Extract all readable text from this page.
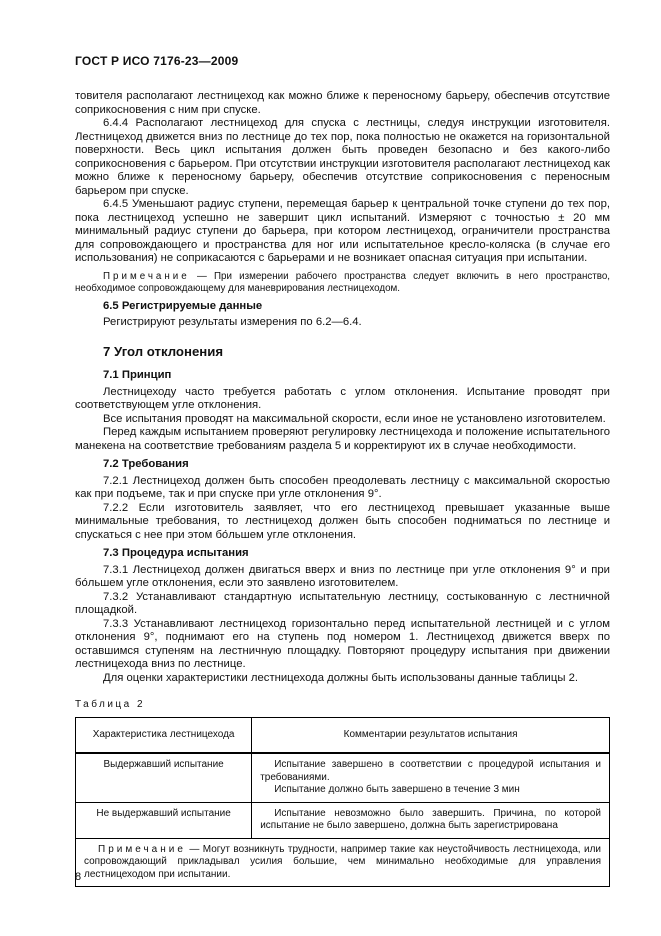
ГОСТ Р ИСО 7176-23—2009

товителя располагают лестницеход как можно ближе к переносному барьеру, обеспечив отсутствие соприкосновения с ним при спуске.

6.4.4 Располагают лестницеход для спуска с лестницы, следуя инструкции изготовителя. Лестницеход движется вниз по лестнице до тех пор, пока полностью не окажется на горизонтальной поверхности. Весь цикл испытания должен быть проведен безопасно и без какого-либо соприкосновения с барьером. При отсутствии инструкции изготовителя располагают лестницеход как можно ближе к переносному барьеру, обеспечив отсутствие соприкосновения с переносным барьером при спуске.

6.4.5 Уменьшают радиус ступени, перемещая барьер к центральной точке ступени до тех пор, пока лестницеход успешно не завершит цикл испытаний. Измеряют с точностью ± 20 мм минимальный радиус ступени до барьера, при котором лестницеход, ограничители пространства для сопровождающего и пространства для ног или испытательное кресло-коляска (в случае его использования) не соприкасаются с барьерами и не возникает опасная ситуация при испытании.

Примечание — При измерении рабочего пространства следует включить в него пространство, необходимое сопровождающему для маневрирования лестницеходом.

6.5 Регистрируемые данные

Регистрируют результаты измерения по 6.2—6.4.

7 Угол отклонения

7.1 Принцип

Лестницеходу часто требуется работать с углом отклонения. Испытание проводят при соответствующем угле отклонения.

Все испытания проводят на максимальной скорости, если иное не установлено изготовителем.

Перед каждым испытанием проверяют регулировку лестницехода и положение испытательного манекена на соответствие требованиям раздела 5 и корректируют их в случае необходимости.

7.2 Требования

7.2.1 Лестницеход должен быть способен преодолевать лестницу с максимальной скоростью как при подъеме, так и при спуске при угле отклонения 9°.

7.2.2 Если изготовитель заявляет, что его лестницеход превышает указанные выше минимальные требования, то лестницеход должен быть способен подниматься по лестнице и спускаться с нее при этом бо́льшем угле отклонения.

7.3 Процедура испытания

7.3.1 Лестницеход должен двигаться вверх и вниз по лестнице при угле отклонения 9° и при бо́льшем угле отклонения, если это заявлено изготовителем.

7.3.2 Устанавливают стандартную испытательную лестницу, состыкованную с лестничной площадкой.

7.3.3 Устанавливают лестницеход горизонтально перед испытательной лестницей и с углом отклонения 9°, поднимают его на ступень под номером 1. Лестницеход движется вверх по оставшимся ступеням на лестничную площадку. Повторяют процедуру испытания при движении лестницехода вниз по лестнице.

Для оценки характеристики лестницехода должны быть использованы данные таблицы 2.

Таблица 2
Характеристика лестницехода	Комментарии результатов испытания
Выдержавший испытание	Испытание завершено в соответствии с процедурой испытания и требованиями.

Испытание должно быть завершено в течение 3 мин

Не выдержавший испытание	Испытание невозможно было завершить. Причина, по которой испытание не было завершено, должна быть зарегистрирована

Примечание — Могут возникнуть трудности, например такие как неустойчивость лестницехода, или сопровождающий прикладывал усилия большие, чем минимально необходимые для управления лестницеходом при испытании.	
8
